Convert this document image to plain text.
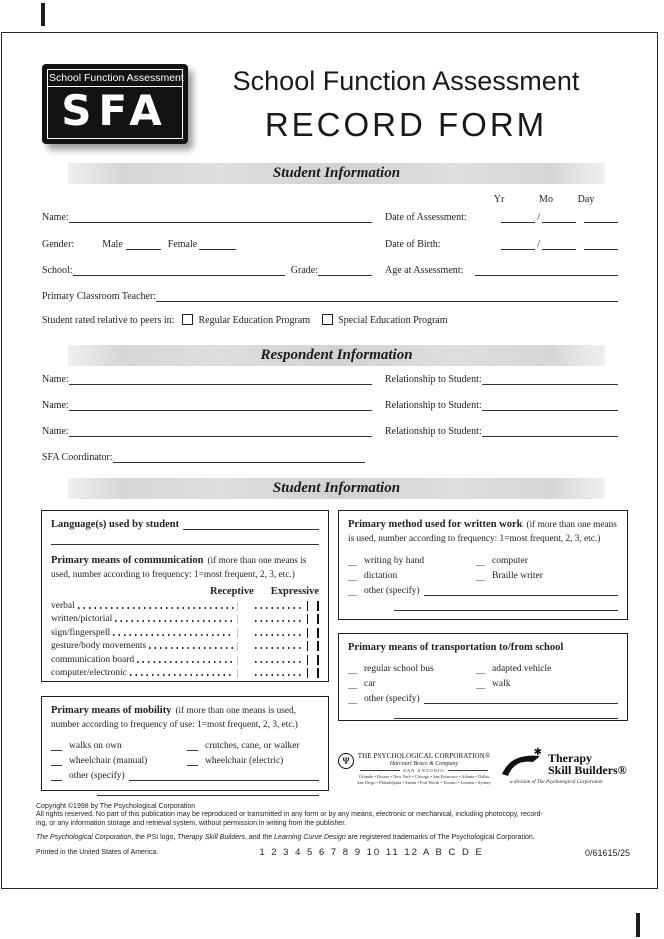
School Function Assessment
SFA
School Function Assessment
RECORD FORM
Student Information
Yr	Mo	Day
Name:	Date of Assessment:	/
Gender:	Male	Female	Date of Birth:	/
School:	Grade:	Age at Assessment:
Primary Classroom Teacher:
Student rated relative to peers in: Regular Education Program	Special Education Program
Respondent Information
Name:	Relationship to Student:
Name:	Relationship to Student:
Name:	Relationship to Student:
SFA Coordinator:
Student Information
Language(s) used by student

Primary means of communication (if more than one means is used, number according to frequency: 1=most frequent, 2, 3, etc.)

Receptive Expressive
verbal
written/pictorial
sign/fingerspell
gesture/body movements
communication board
computer/electronic

Primary means of mobility (if more than one means is used, number according to frequency of use: 1=most frequent, 2, 3, etc.)

walks on own	crutches, cane, or walker
wheelchair (manual)	wheelchair (electric)
other (specify)

Primary method used for written work (if more than one means is used, number according to frequency: 1=most frequent, 2, 3, etc.)

writing by hand	computer
dictation	Braille writer
other (specify)

Primary means of transportation to/from school

regular school bus	adapted vehicle
car	walk
other (specify)
Ψ	THE PSYCHOLOGICAL CORPORATION®
Harcourt Brace & Company
SAN ANTONIO
Orlando • Boston • New York • Chicago • San Francisco • Atlanta • Dallas
San Diego • Philadelphia • Austin • Fort Worth • Toronto • London • Sydney
✱ Therapy
Skill Builders®
a division of The Psychological Corporation
Copyright ©1998 by The Psychological Corporation
All rights reserved. No part of this publication may be reproduced or transmitted in any form or by any means, electronic or mechanical, including photocopy, record-
ing, or any information storage and retrieval system, without permission in writing from the publisher.
The Psychological Corporation, the PSI logo, Therapy Skill Builders, and the Learning Curve Design are registered trademarks of The Psychological Corporation.
Printed in the United States of America.	1 2 3 4 5 6 7 8 9 10 11 12 A B C D E	0/61615/25
